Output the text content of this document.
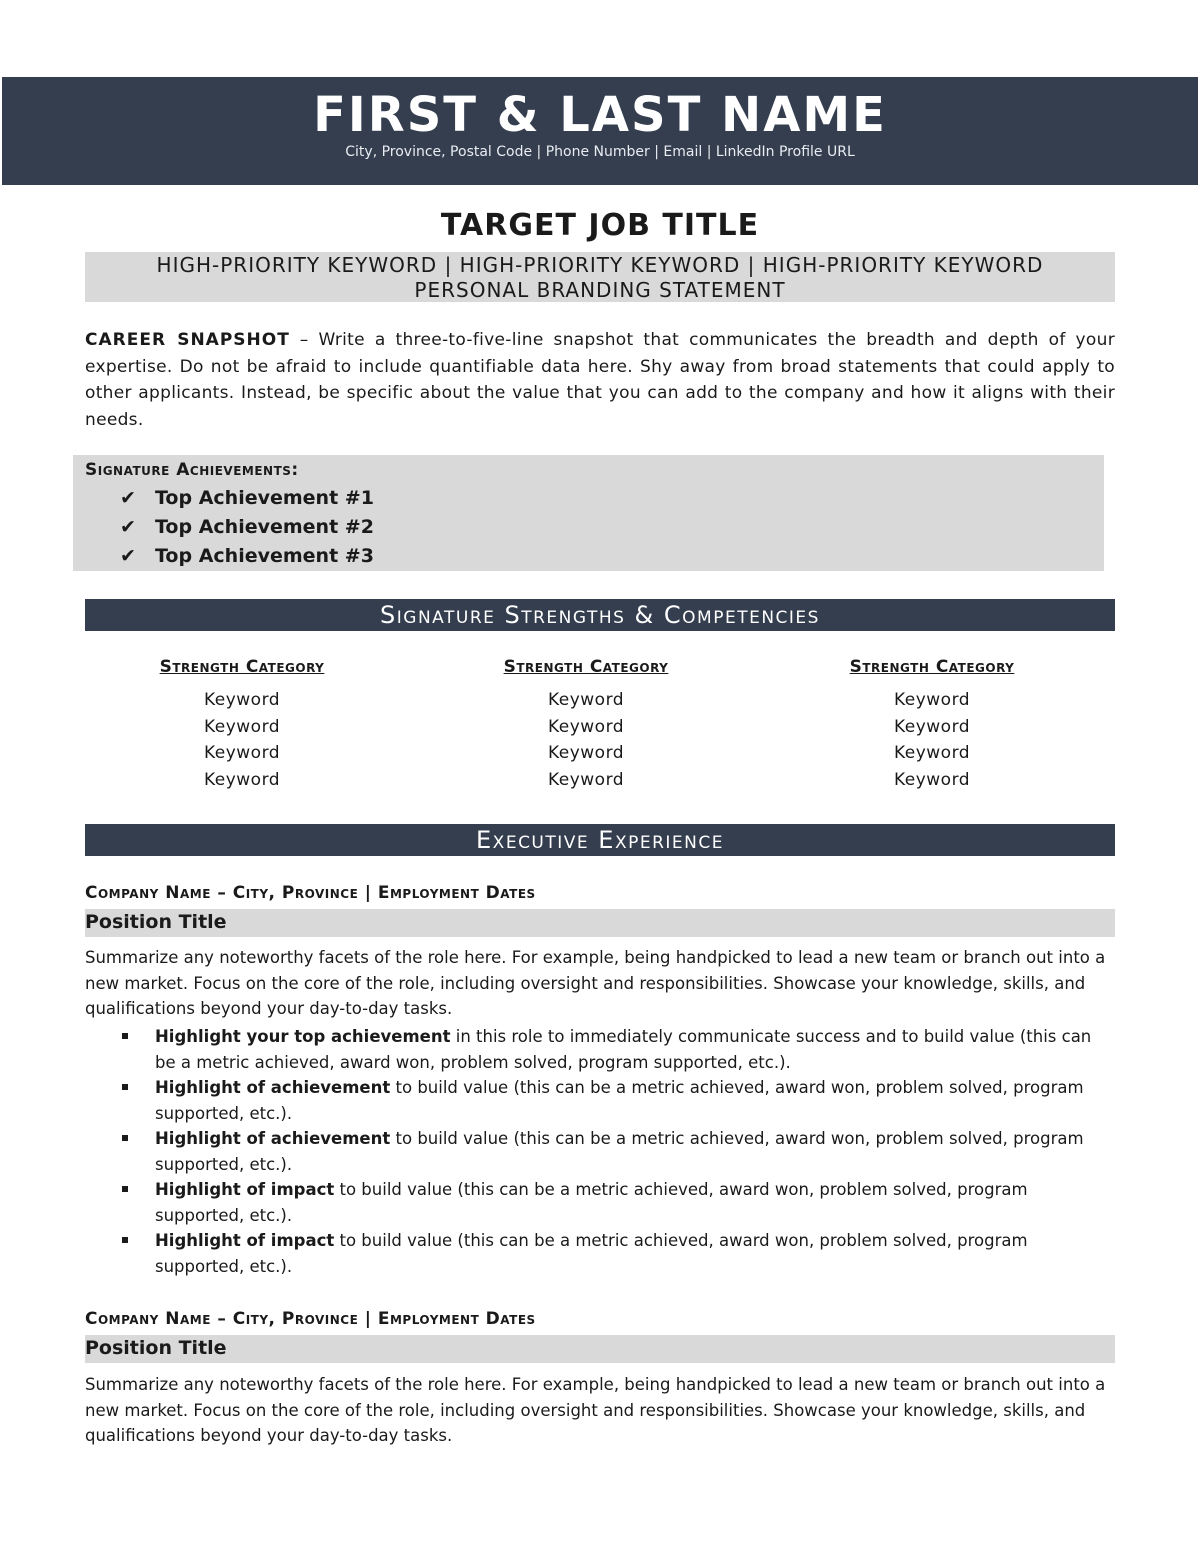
FIRST & LAST NAME
City, Province, Postal Code | Phone Number | Email | LinkedIn Profile URL
TARGET JOB TITLE
HIGH-PRIORITY KEYWORD | HIGH-PRIORITY KEYWORD | HIGH-PRIORITY KEYWORD
PERSONAL BRANDING STATEMENT
CAREER SNAPSHOT – Write a three-to-five-line snapshot that communicates the breadth and depth of your expertise. Do not be afraid to include quantifiable data here. Shy away from broad statements that could apply to other applicants. Instead, be specific about the value that you can add to the company and how it aligns with their needs.
Signature Achievements:
✔ Top Achievement #1
✔ Top Achievement #2
✔ Top Achievement #3
Signature Strengths & Competencies
Strength Category
Keyword
Keyword
Keyword
Keyword
Strength Category
Keyword
Keyword
Keyword
Keyword
Strength Category
Keyword
Keyword
Keyword
Keyword
Executive Experience
Company Name – City, Province | Employment Dates
Position Title
Summarize any noteworthy facets of the role here. For example, being handpicked to lead a new team or branch out into a new market. Focus on the core of the role, including oversight and responsibilities. Showcase your knowledge, skills, and qualifications beyond your day-to-day tasks.
Highlight your top achievement in this role to immediately communicate success and to build value (this can be a metric achieved, award won, problem solved, program supported, etc.).
Highlight of achievement to build value (this can be a metric achieved, award won, problem solved, program supported, etc.).
Highlight of achievement to build value (this can be a metric achieved, award won, problem solved, program supported, etc.).
Highlight of impact to build value (this can be a metric achieved, award won, problem solved, program supported, etc.).
Highlight of impact to build value (this can be a metric achieved, award won, problem solved, program supported, etc.).
Company Name – City, Province | Employment Dates
Position Title
Summarize any noteworthy facets of the role here. For example, being handpicked to lead a new team or branch out into a new market. Focus on the core of the role, including oversight and responsibilities. Showcase your knowledge, skills, and qualifications beyond your day-to-day tasks.
